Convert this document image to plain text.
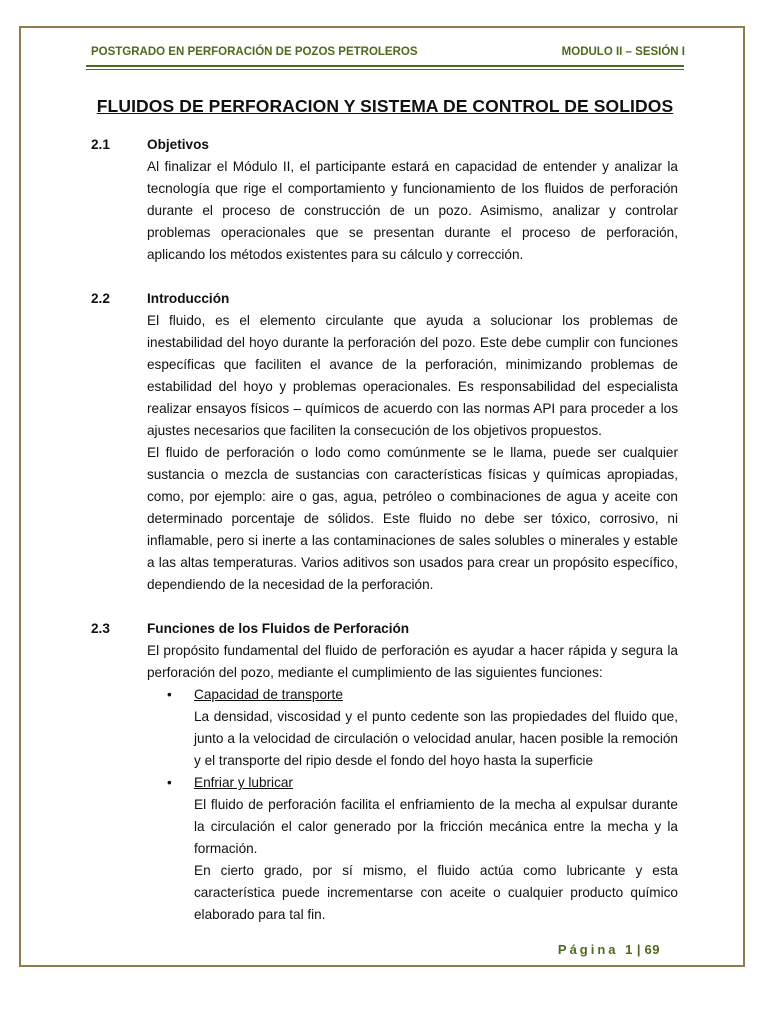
POSTGRADO EN PERFORACIÓN DE POZOS PETROLEROS	MODULO II – SESIÓN I
FLUIDOS DE PERFORACION Y SISTEMA DE CONTROL DE SOLIDOS
2.1	Objetivos

Al finalizar el Módulo II, el participante estará en capacidad de entender y analizar la tecnología que rige el comportamiento y funcionamiento de los fluidos de perforación durante el proceso de construcción de un pozo. Asimismo, analizar y controlar problemas operacionales que se presentan durante el proceso de perforación, aplicando los métodos existentes para su cálculo y corrección.

2.2	Introducción

El fluido, es el elemento circulante que ayuda a solucionar los problemas de inestabilidad del hoyo durante la perforación del pozo. Este debe cumplir con funciones específicas que faciliten el avance de la perforación, minimizando problemas de estabilidad del hoyo y problemas operacionales. Es responsabilidad del especialista realizar ensayos físicos – químicos de acuerdo con las normas API para proceder a los ajustes necesarios que faciliten la consecución de los objetivos propuestos.

El fluido de perforación o lodo como comúnmente se le llama, puede ser cualquier sustancia o mezcla de sustancias con características físicas y químicas apropiadas, como, por ejemplo: aire o gas, agua, petróleo o combinaciones de agua y aceite con determinado porcentaje de sólidos. Este fluido no debe ser tóxico, corrosivo, ni inflamable, pero si inerte a las contaminaciones de sales solubles o minerales y estable a las altas temperaturas. Varios aditivos son usados para crear un propósito específico, dependiendo de la necesidad de la perforación.

2.3	Funciones de los Fluidos de Perforación

El propósito fundamental del fluido de perforación es ayudar a hacer rápida y segura la perforación del pozo, mediante el cumplimiento de las siguientes funciones:

•	Capacidad de transporte

La densidad, viscosidad y el punto cedente son las propiedades del fluido que, junto a la velocidad de circulación o velocidad anular, hacen posible la remoción y el transporte del ripio desde el fondo del hoyo hasta la superficie

•	Enfriar y lubricar

El fluido de perforación facilita el enfriamiento de la mecha al expulsar durante la circulación el calor generado por la fricción mecánica entre la mecha y la formación.

En cierto grado, por sí mismo, el fluido actúa como lubricante y esta característica puede incrementarse con aceite o cualquier producto químico elaborado para tal fin.

Página 1 | 69
